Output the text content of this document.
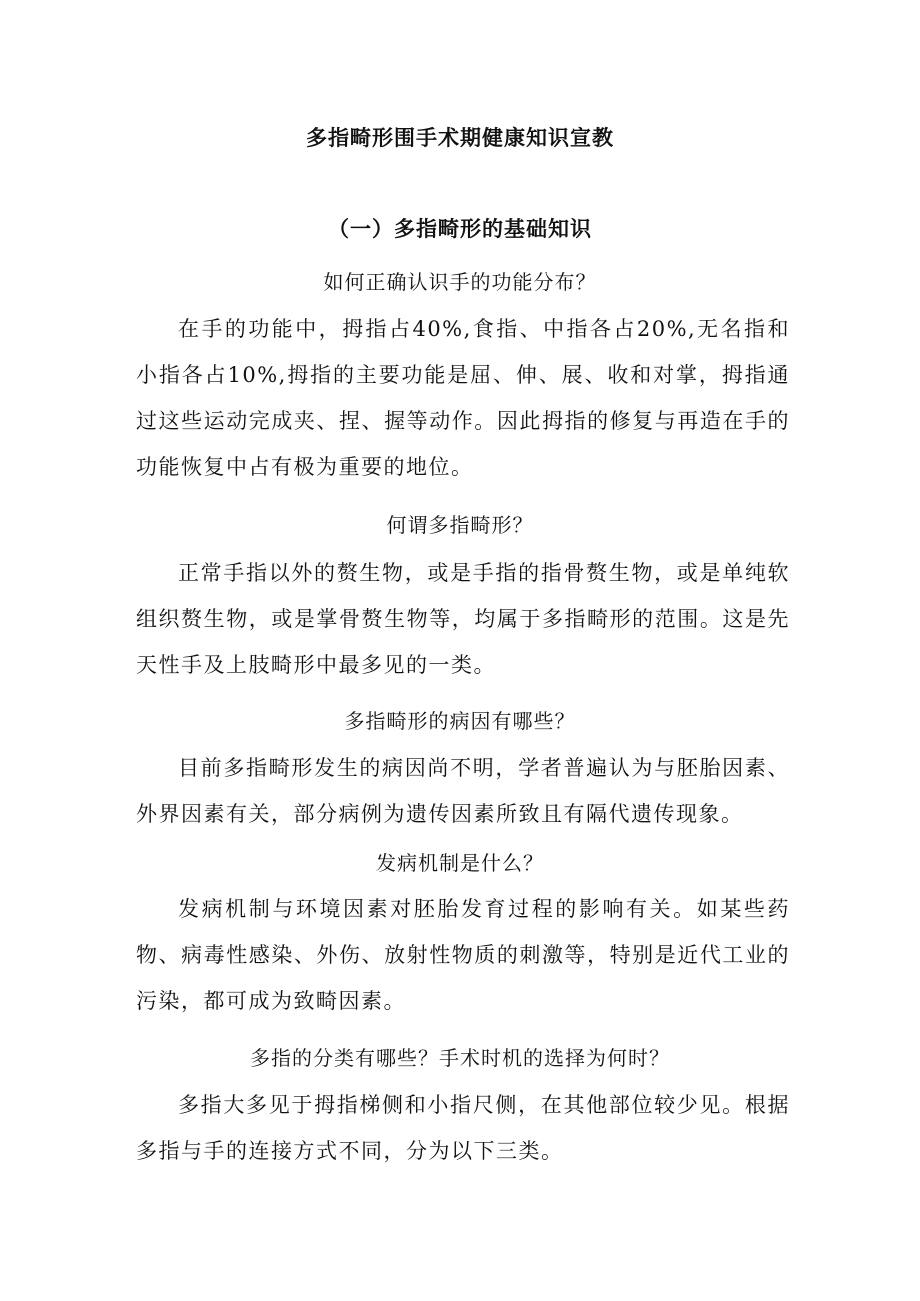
多指畸形围手术期健康知识宣教
（一）多指畸形的基础知识
如何正确认识手的功能分布？

在手的功能中，拇指占40%,食指、中指各占20%,无名指和小指各占10%,拇指的主要功能是屈、伸、展、收和对掌，拇指通过这些运动完成夹、捏、握等动作。因此拇指的修复与再造在手的功能恢复中占有极为重要的地位。

何谓多指畸形？

正常手指以外的赘生物，或是手指的指骨赘生物，或是单纯软组织赘生物，或是掌骨赘生物等，均属于多指畸形的范围。这是先天性手及上肢畸形中最多见的一类。

多指畸形的病因有哪些？

目前多指畸形发生的病因尚不明，学者普遍认为与胚胎因素、外界因素有关，部分病例为遗传因素所致且有隔代遗传现象。

发病机制是什么？

发病机制与环境因素对胚胎发育过程的影响有关。如某些药物、病毒性感染、外伤、放射性物质的刺激等，特别是近代工业的污染，都可成为致畸因素。

多指的分类有哪些？手术时机的选择为何时？

多指大多见于拇指梯侧和小指尺侧，在其他部位较少见。根据多指与手的连接方式不同，分为以下三类。
